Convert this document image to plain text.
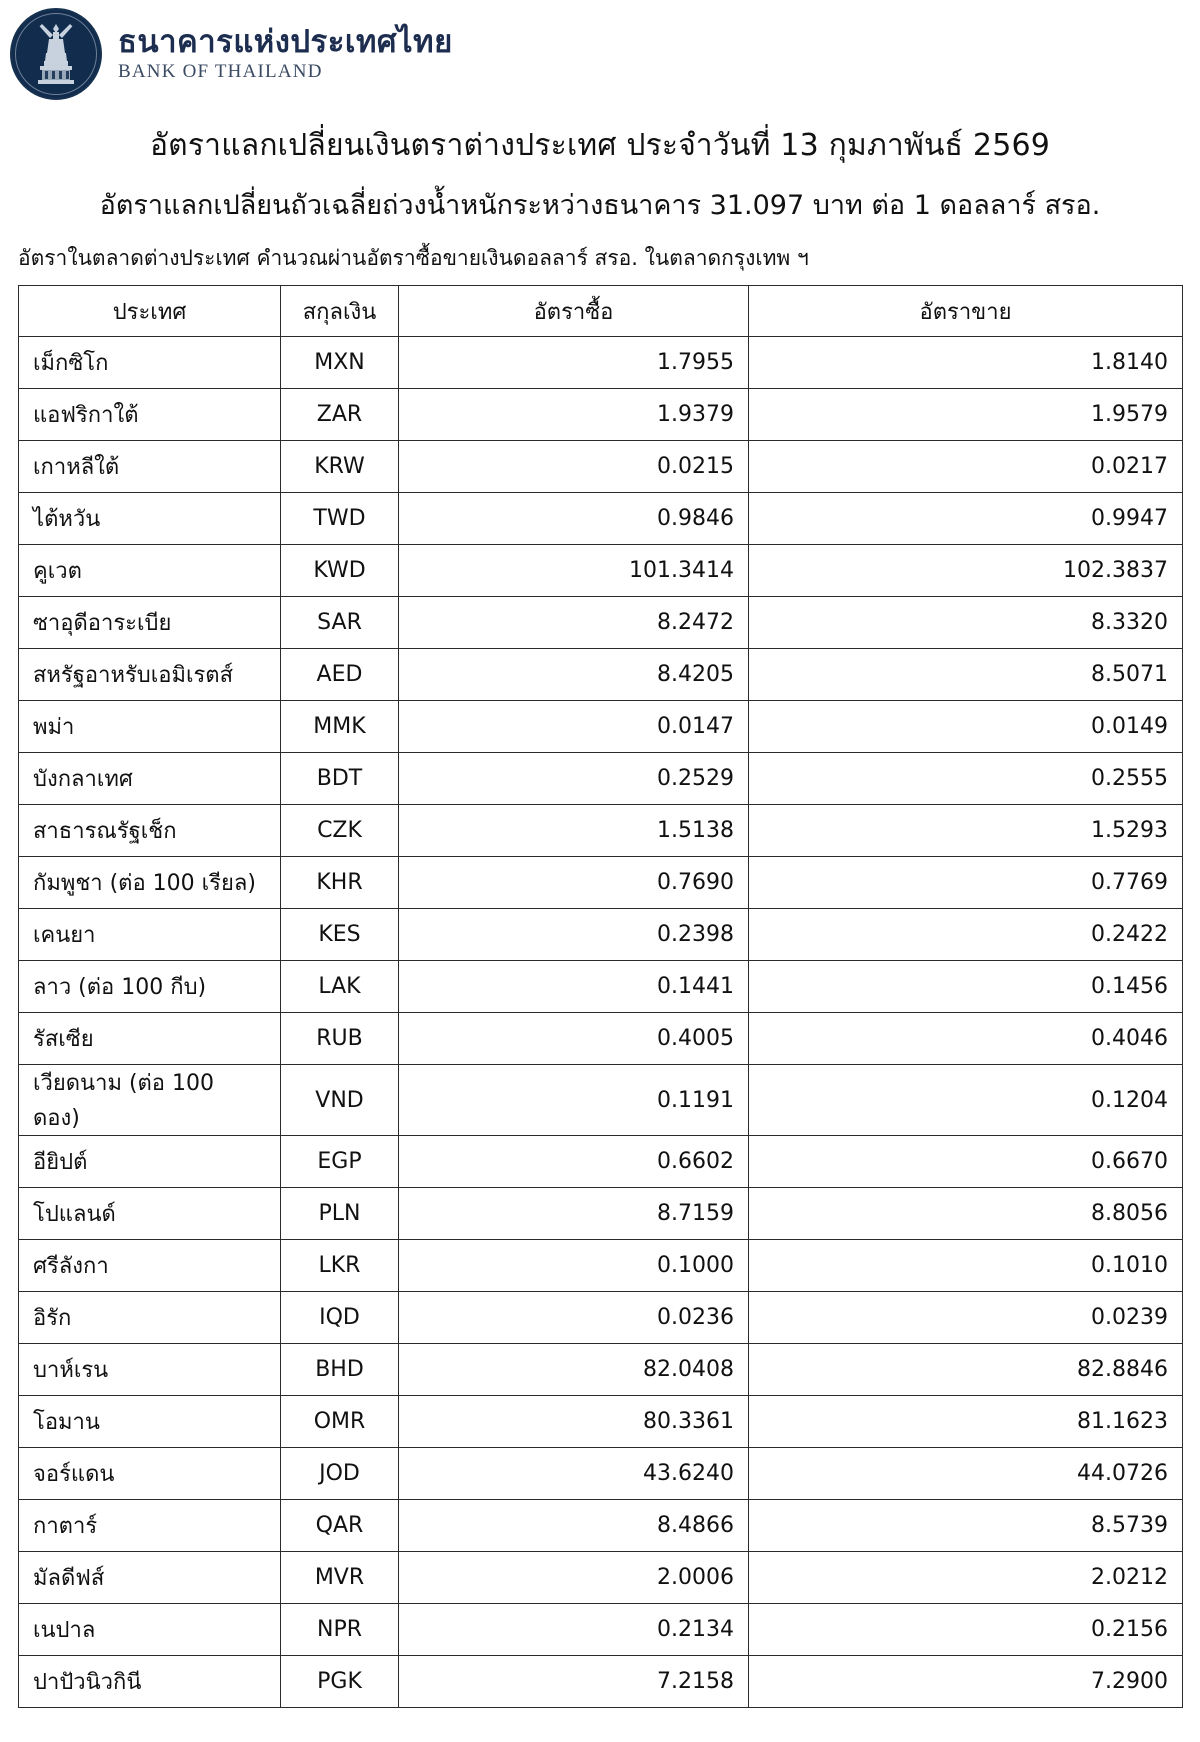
ธนาคารแห่งประเทศไทย
BANK OF THAILAND
อัตราแลกเปลี่ยนเงินตราต่างประเทศ ประจำวันที่ 13 กุมภาพันธ์ 2569
อัตราแลกเปลี่ยนถัวเฉลี่ยถ่วงน้ำหนักระหว่างธนาคาร 31.097 บาท ต่อ 1 ดอลลาร์ สรอ.
อัตราในตลาดต่างประเทศ คำนวณผ่านอัตราซื้อขายเงินดอลลาร์ สรอ. ในตลาดกรุงเทพ ฯ
ประเทศ	สกุลเงิน	อัตราซื้อ	อัตราขาย
เม็กซิโก	MXN	1.7955	1.8140
แอฟริกาใต้	ZAR	1.9379	1.9579
เกาหลีใต้	KRW	0.0215	0.0217
ไต้หวัน	TWD	0.9846	0.9947
คูเวต	KWD	101.3414	102.3837
ซาอุดีอาระเบีย	SAR	8.2472	8.3320
สหรัฐอาหรับเอมิเรตส์	AED	8.4205	8.5071
พม่า	MMK	0.0147	0.0149
บังกลาเทศ	BDT	0.2529	0.2555
สาธารณรัฐเช็ก	CZK	1.5138	1.5293
กัมพูชา (ต่อ 100 เรียล)	KHR	0.7690	0.7769
เคนยา	KES	0.2398	0.2422
ลาว (ต่อ 100 กีบ)	LAK	0.1441	0.1456
รัสเซีย	RUB	0.4005	0.4046
เวียดนาม (ต่อ 100 ดอง)	VND	0.1191	0.1204
อียิปต์	EGP	0.6602	0.6670
โปแลนด์	PLN	8.7159	8.8056
ศรีลังกา	LKR	0.1000	0.1010
อิรัก	IQD	0.0236	0.0239
บาห์เรน	BHD	82.0408	82.8846
โอมาน	OMR	80.3361	81.1623
จอร์แดน	JOD	43.6240	44.0726
กาตาร์	QAR	8.4866	8.5739
มัลดีฟส์	MVR	2.0006	2.0212
เนปาล	NPR	0.2134	0.2156
ปาปัวนิวกินี	PGK	7.2158	7.2900
